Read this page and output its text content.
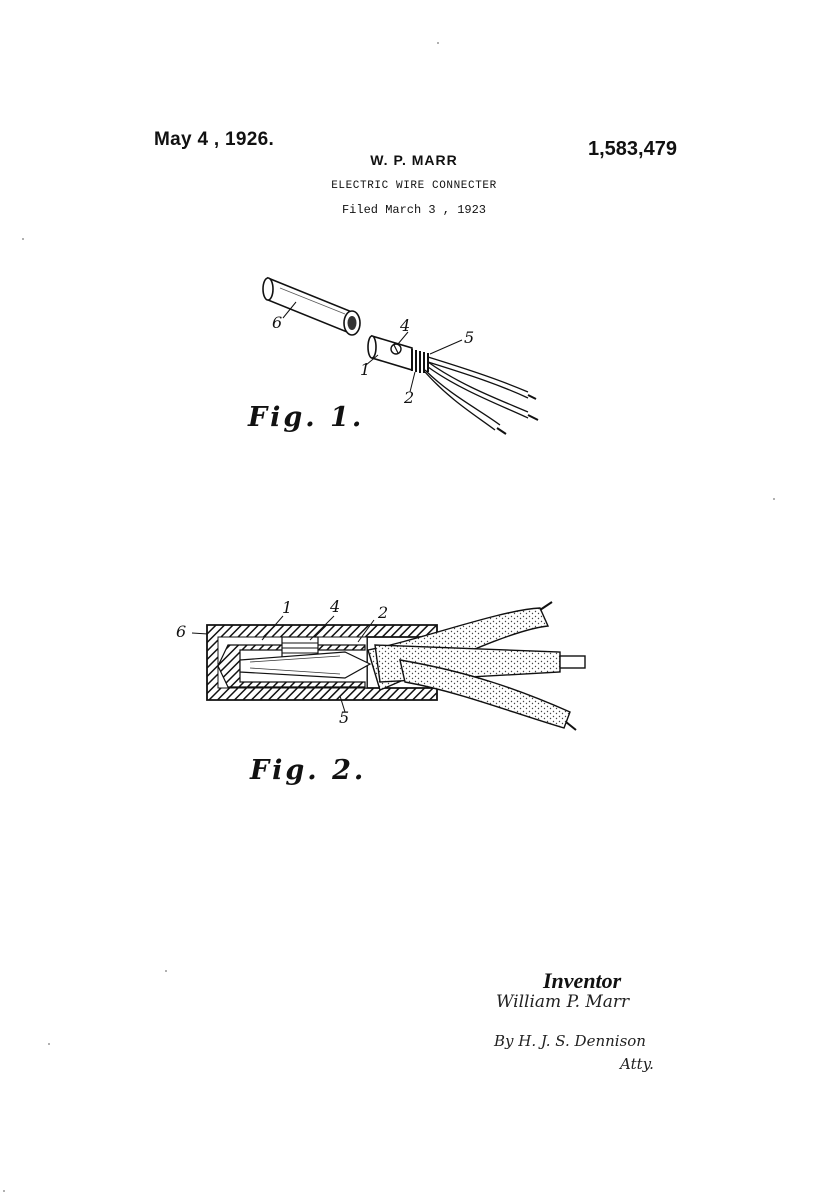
May 4 , 1926.	1,583,479
W. P. MARR
ELECTRIC WIRE CONNECTER
Filed March 3 , 1923
6	4
5
1
2
Fig. 1.
6
1 4 2
5
Fig. 2.
Inventor
William P. Marr
By H. J. S. Dennison
Atty.
